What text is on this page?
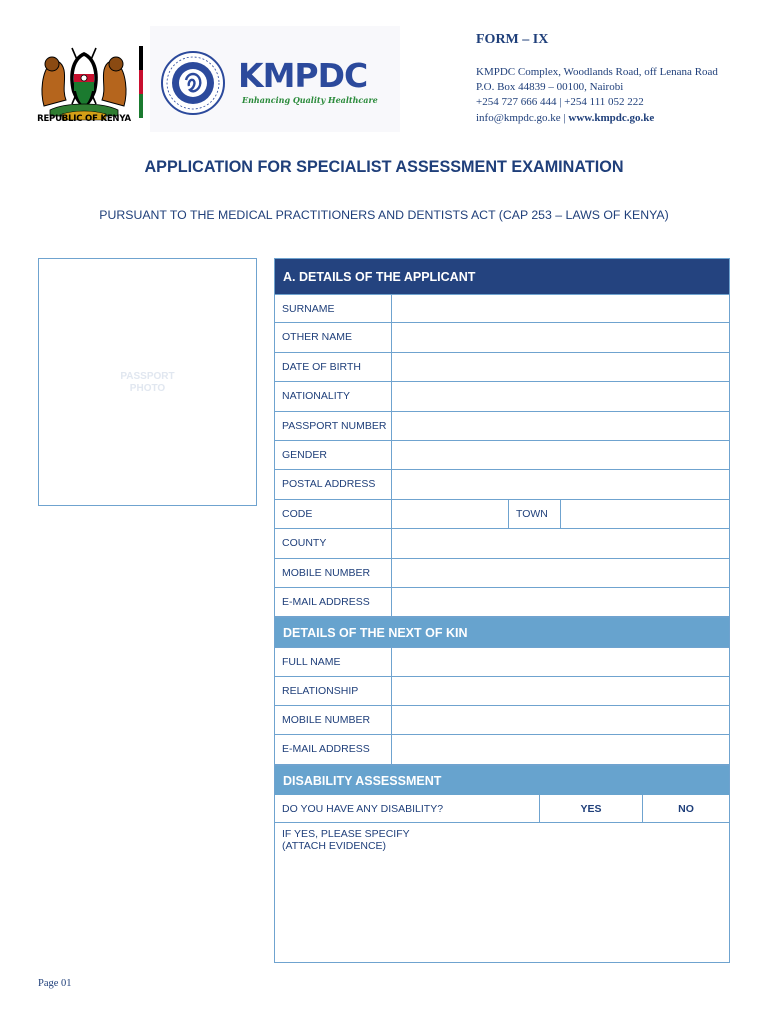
REPUBLIC OF KENYA
KMPDC
Enhancing Quality Healthcare
FORM – IX
KMPDC Complex, Woodlands Road, off Lenana Road
P.O. Box 44839 – 00100, Nairobi
+254 727 666 444 | +254 111 052 222
info@kmpdc.go.ke | www.kmpdc.go.ke
APPLICATION FOR SPECIALIST ASSESSMENT EXAMINATION
PURSUANT TO THE MEDICAL PRACTITIONERS AND DENTISTS ACT (CAP 253 – LAWS OF KENYA)
PASSPORT
PHOTO
A. DETAILS OF THE APPLICANT
SURNAME
OTHER NAME
DATE OF BIRTH
NATIONALITY
PASSPORT NUMBER
GENDER
POSTAL ADDRESS
CODE	TOWN
COUNTY
MOBILE NUMBER
E-MAIL ADDRESS
DETAILS OF THE NEXT OF KIN
FULL NAME
RELATIONSHIP
MOBILE NUMBER
E-MAIL ADDRESS
DISABILITY ASSESSMENT
DO YOU HAVE ANY DISABILITY?	YES	NO
IF YES, PLEASE SPECIFY
(ATTACH EVIDENCE)
Page 01
